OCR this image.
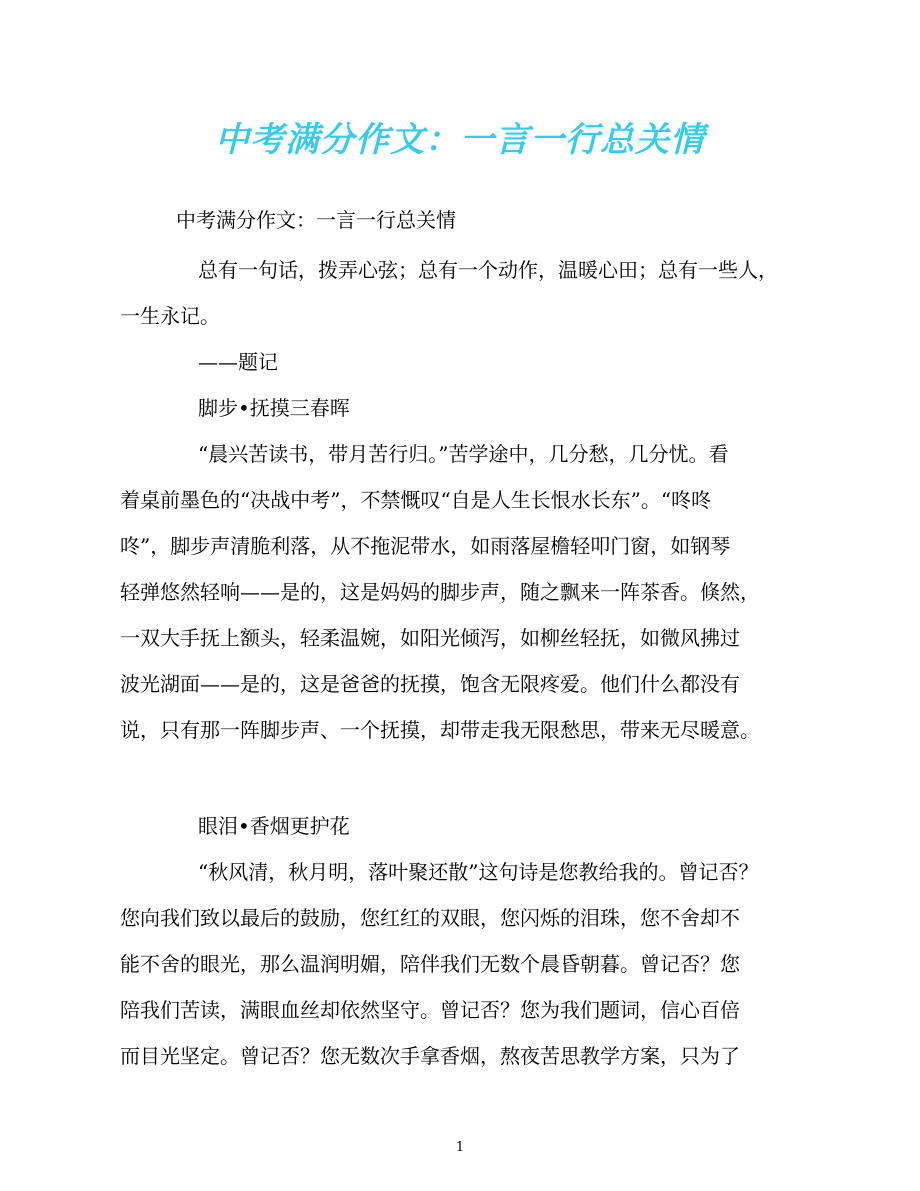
中考满分作文：一言一行总关情
中考满分作文：一言一行总关情
总有一句话，拨弄心弦；总有一个动作，温暖心田；总有一些人，
一生永记。
——题记
脚步•抚摸三春晖
“晨兴苦读书，带月苦行归。”苦学途中，几分愁，几分忧。看
着桌前墨色的“决战中考”，不禁慨叹“自是人生长恨水长东”。“咚咚
咚”，脚步声清脆利落，从不拖泥带水，如雨落屋檐轻叩门窗，如钢琴
轻弹悠然轻响——是的，这是妈妈的脚步声，随之飘来一阵茶香。倏然，
一双大手抚上额头，轻柔温婉，如阳光倾泻，如柳丝轻抚，如微风拂过
波光湖面——是的，这是爸爸的抚摸，饱含无限疼爱。他们什么都没有
说，只有那一阵脚步声、一个抚摸，却带走我无限愁思，带来无尽暖意。
眼泪•香烟更护花
“秋风清，秋月明，落叶聚还散”这句诗是您教给我的。曾记否？
您向我们致以最后的鼓励，您红红的双眼，您闪烁的泪珠，您不舍却不
能不舍的眼光，那么温润明媚，陪伴我们无数个晨昏朝暮。曾记否？您
陪我们苦读，满眼血丝却依然坚守。曾记否？您为我们题词，信心百倍
而目光坚定。曾记否？您无数次手拿香烟，熬夜苦思教学方案，只为了
1
